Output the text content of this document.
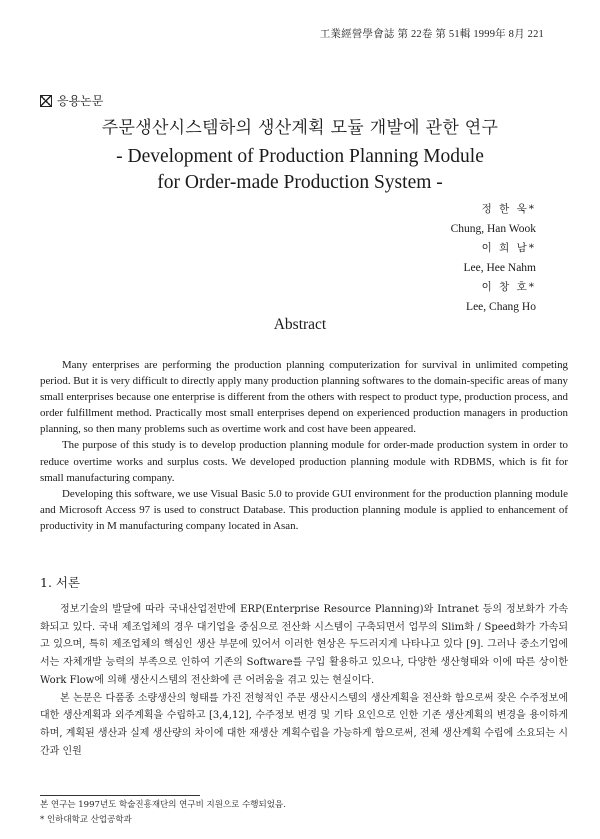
工業經營學會誌 第 22卷 第 51輯 1999年 8月 221
응용논문
주문생산시스템하의 생산계획 모듈 개발에 관한 연구
- Development of Production Planning Module
for Order-made Production System -
정 한 욱*
Chung, Han Wook
이 희 남*
Lee, Hee Nahm
이 창 호*
Lee, Chang Ho
Abstract

Many enterprises are performing the production planning computerization for survival in unlimited competing period. But it is very difficult to directly apply many production planning softwares to the domain-specific areas of many small enterprises because one enterprise is different from the others with respect to product type, production process, and order fulfillment method. Practically most small enterprises depend on experienced production managers in production planning, so then many problems such as overtime work and cost have been appeared.

The purpose of this study is to develop production planning module for order-made production system in order to reduce overtime works and surplus costs. We developed production planning module with RDBMS, which is fit for small manufacturing company.

Developing this software, we use Visual Basic 5.0 to provide GUI environment for the production planning module and Microsoft Access 97 is used to construct Database. This production planning module is applied to enhancement of productivity in M manufacturing company located in Asan.

1. 서론

정보기술의 발달에 따라 국내산업전반에 ERP(Enterprise Resource Planning)와 Intranet 등의 정보화가 가속화되고 있다. 국내 제조업체의 경우 대기업을 중심으로 전산화 시스템이 구축되면서 업무의 Slim화 / Speed화가 가속되고 있으며, 특히 제조업체의 핵심인 생산 부문에 있어서 이러한 현상은 두드러지게 나타나고 있다 [9]. 그러나 중소기업에서는 자체개발 능력의 부족으로 인하여 기존의 Software를 구입 활용하고 있으나, 다양한 생산형태와 이에 따른 상이한 Work Flow에 의해 생산시스템의 전산화에 큰 어려움을 겪고 있는 현실이다.

본 논문은 다품종 소량생산의 형태를 가진 전형적인 주문 생산시스템의 생산계획을 전산화 함으로써 잦은 수주정보에 대한 생산계획과 외주계획을 수립하고 [3,4,12], 수주정보 변경 및 기타 요인으로 인한 기존 생산계획의 변경을 용이하게 하며, 계획된 생산과 실제 생산량의 차이에 대한 재생산 계획수립을 가능하게 함으로써, 전체 생산계획 수립에 소요되는 시간과 인원

본 연구는 1997년도 학술진흥재단의 연구비 지원으로 수행되었음.
* 인하대학교 산업공학과
